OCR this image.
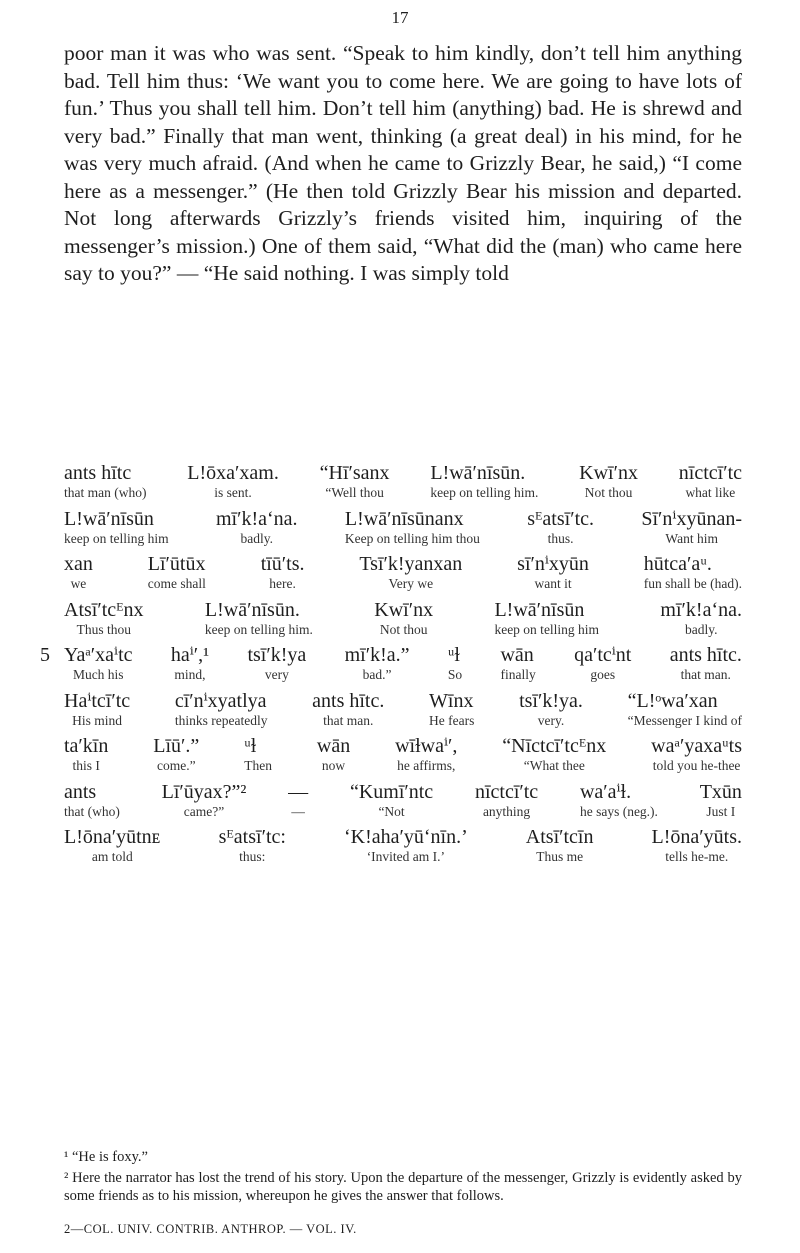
17

poor man it was who was sent. “Speak to him kindly, don’t tell him anything bad. Tell him thus: ‘We want you to come here. We are going to have lots of fun.’ Thus you shall tell him. Don’t tell him (anything) bad. He is shrewd and very bad.” Finally that man went, thinking (a great deal) in his mind, for he was very much afraid. (And when he came to Grizzly Bear, he said,) “I come here as a messenger.” (He then told Grizzly Bear his mission and departed. Not long afterwards Grizzly’s friends visited him, inquiring of the messenger’s mission.) One of them said, “What did the (man) who came here say to you?” — “He said nothing. I was simply told

ants hītc
that man (who)
L!ōxa′xam.
is sent.
“Hī′sanx
“Well thou
L!wā′nīsūn.
keep on telling him.
Kwī′nx
Not thou
nīctcī′tc
what like
L!wā′nīsūn
keep on telling him
mī′k!aʻna.
badly.
L!wā′nīsūnanx
Keep on telling him thou
sᴱatsī′tc.
thus.
Sī′nⁱxyūnan-
Want him
xan
we
Lī′ūtūx
come shall
tīū′ts.
here.
Tsī′k!yanxan
Very we
sī′nⁱxyūn
want it
hūtca′aᵘ.
fun shall be (had).
Atsī′tcᴱnx
Thus thou
L!wā′nīsūn.
keep on telling him.
Kwī′nx
Not thou
L!wā′nīsūn
keep on telling him
mī′k!aʻna.
badly.
5 Yaᵃ′xaⁱtc
Much his
haⁱ′,¹
mind,
tsī′k!ya
very
mī′k!a.”
bad.”
ᵘɫ
So
wān
finally
qa′tcⁱnt
goes
ants hītc.
that man.
Haⁱtcī′tc
His mind
cī′nⁱxyatlya
thinks repeatedly
ants hītc.
that man.
Wīnx
He fears
tsī′k!ya.
very.
“L!ᵒwa′xan
“Messenger I kind of
ta′kīn
this I
Līū′.”
come.”
ᵘɫ
Then
wān
now
wīɫwaⁱ′,
he affirms,
“Nīctcī′tcᴱnx
“What thee
waᵃ′yaxaᵘts
told you he-thee
ants
that (who)
Lī′ūyax?”²
came?”
—
—
“Kumī′ntc
“Not
nīctcī′tc
anything
wa′aⁱɫ.
he says (neg.).
Txūn
Just I
L!ōna′yūtnᴇ
am told
sᴱatsī′tc:
thus:
‘K!aha′yūʻnīn.’
‘Invited am I.’
Atsī′tcīn
Thus me
L!ōna′yūts.
tells he-me.

¹ “He is foxy.”

² Here the narrator has lost the trend of his story. Upon the departure of the messenger, Grizzly is evidently asked by some friends as to his mission, whereupon he gives the answer that follows.

2—COL. UNIV. CONTRIB. ANTHROP. — VOL. IV.
